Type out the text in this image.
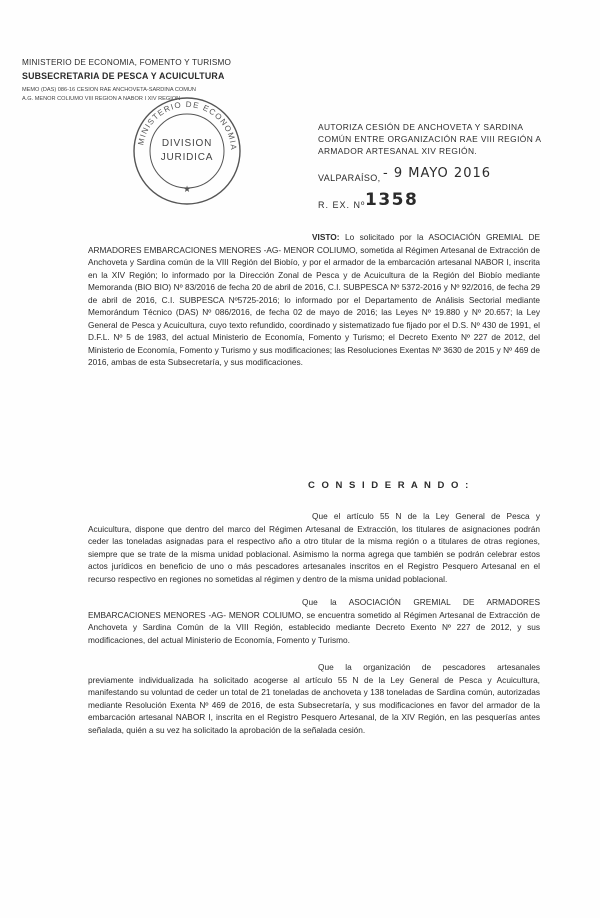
MINISTERIO DE ECONOMIA, FOMENTO Y TURISMO
SUBSECRETARIA DE PESCA Y ACUICULTURA
MEMO (DAS) 086-16 CESION RAE ANCHOVETA-SARDINA COMUN
A.G. MENOR COLIUMO VIII REGION A NABOR I XIV REGION
MINISTERIO DE ECONOMIA
DIVISION
JURIDICA
★
AUTORIZA CESIÓN DE ANCHOVETA Y SARDINA COMÚN ENTRE ORGANIZACIÓN RAE VIII REGIÓN A ARMADOR ARTESANAL XIV REGIÓN.
VALPARAÍSO, - 9 MAYO 2016
R. EX. Nº 1358
VISTO: Lo solicitado por la ASOCIACIÓN GREMIAL DE ARMADORES EMBARCACIONES MENORES -AG- MENOR COLIUMO, sometida al Régimen Artesanal de Extracción de Anchoveta y Sardina común de la VIII Región del Biobío, y por el armador de la embarcación artesanal NABOR I, inscrita en la XIV Región; lo informado por la Dirección Zonal de Pesca y de Acuicultura de la Región del Biobío mediante Memoranda (BIO BIO) Nº 83/2016 de fecha 20 de abril de 2016, C.I. SUBPESCA Nº 5372-2016 y Nº 92/2016, de fecha 29 de abril de 2016, C.I. SUBPESCA Nº5725-2016; lo informado por el Departamento de Análisis Sectorial mediante Memorándum Técnico (DAS) Nº 086/2016, de fecha 02 de mayo de 2016; las Leyes Nº 19.880 y Nº 20.657; la Ley General de Pesca y Acuicultura, cuyo texto refundido, coordinado y sistematizado fue fijado por el D.S. Nº 430 de 1991, el D.F.L. Nº 5 de 1983, del actual Ministerio de Economía, Fomento y Turismo; el Decreto Exento Nº 227 de 2012, del Ministerio de Economía, Fomento y Turismo y sus modificaciones; las Resoluciones Exentas Nº 3630 de 2015 y Nº 469 de 2016, ambas de esta Subsecretaría, y sus modificaciones.
C O N S I D E R A N D O :
Que el artículo 55 N de la Ley General de Pesca y Acuicultura, dispone que dentro del marco del Régimen Artesanal de Extracción, los titulares de asignaciones podrán ceder las toneladas asignadas para el respectivo año a otro titular de la misma región o a titulares de otras regiones, siempre que se trate de la misma unidad poblacional. Asimismo la norma agrega que también se podrán celebrar estos actos jurídicos en beneficio de uno o más pescadores artesanales inscritos en el Registro Pesquero Artesanal en el recurso respectivo en regiones no sometidas al régimen y dentro de la misma unidad poblacional.
Que la ASOCIACIÓN GREMIAL DE ARMADORES EMBARCACIONES MENORES -AG- MENOR COLIUMO, se encuentra sometido al Régimen Artesanal de Extracción de Anchoveta y Sardina Común de la VIII Región, establecido mediante Decreto Exento Nº 227 de 2012, y sus modificaciones, del actual Ministerio de Economía, Fomento y Turismo.
Que la organización de pescadores artesanales previamente individualizada ha solicitado acogerse al artículo 55 N de la Ley General de Pesca y Acuicultura, manifestando su voluntad de ceder un total de 21 toneladas de anchoveta y 138 toneladas de Sardina común, autorizadas mediante Resolución Exenta Nº 469 de 2016, de esta Subsecretaría, y sus modificaciones en favor del armador de la embarcación artesanal NABOR I, inscrita en el Registro Pesquero Artesanal, de la XIV Región, en las pesquerías antes señalada, quién a su vez ha solicitado la aprobación de la señalada cesión.
